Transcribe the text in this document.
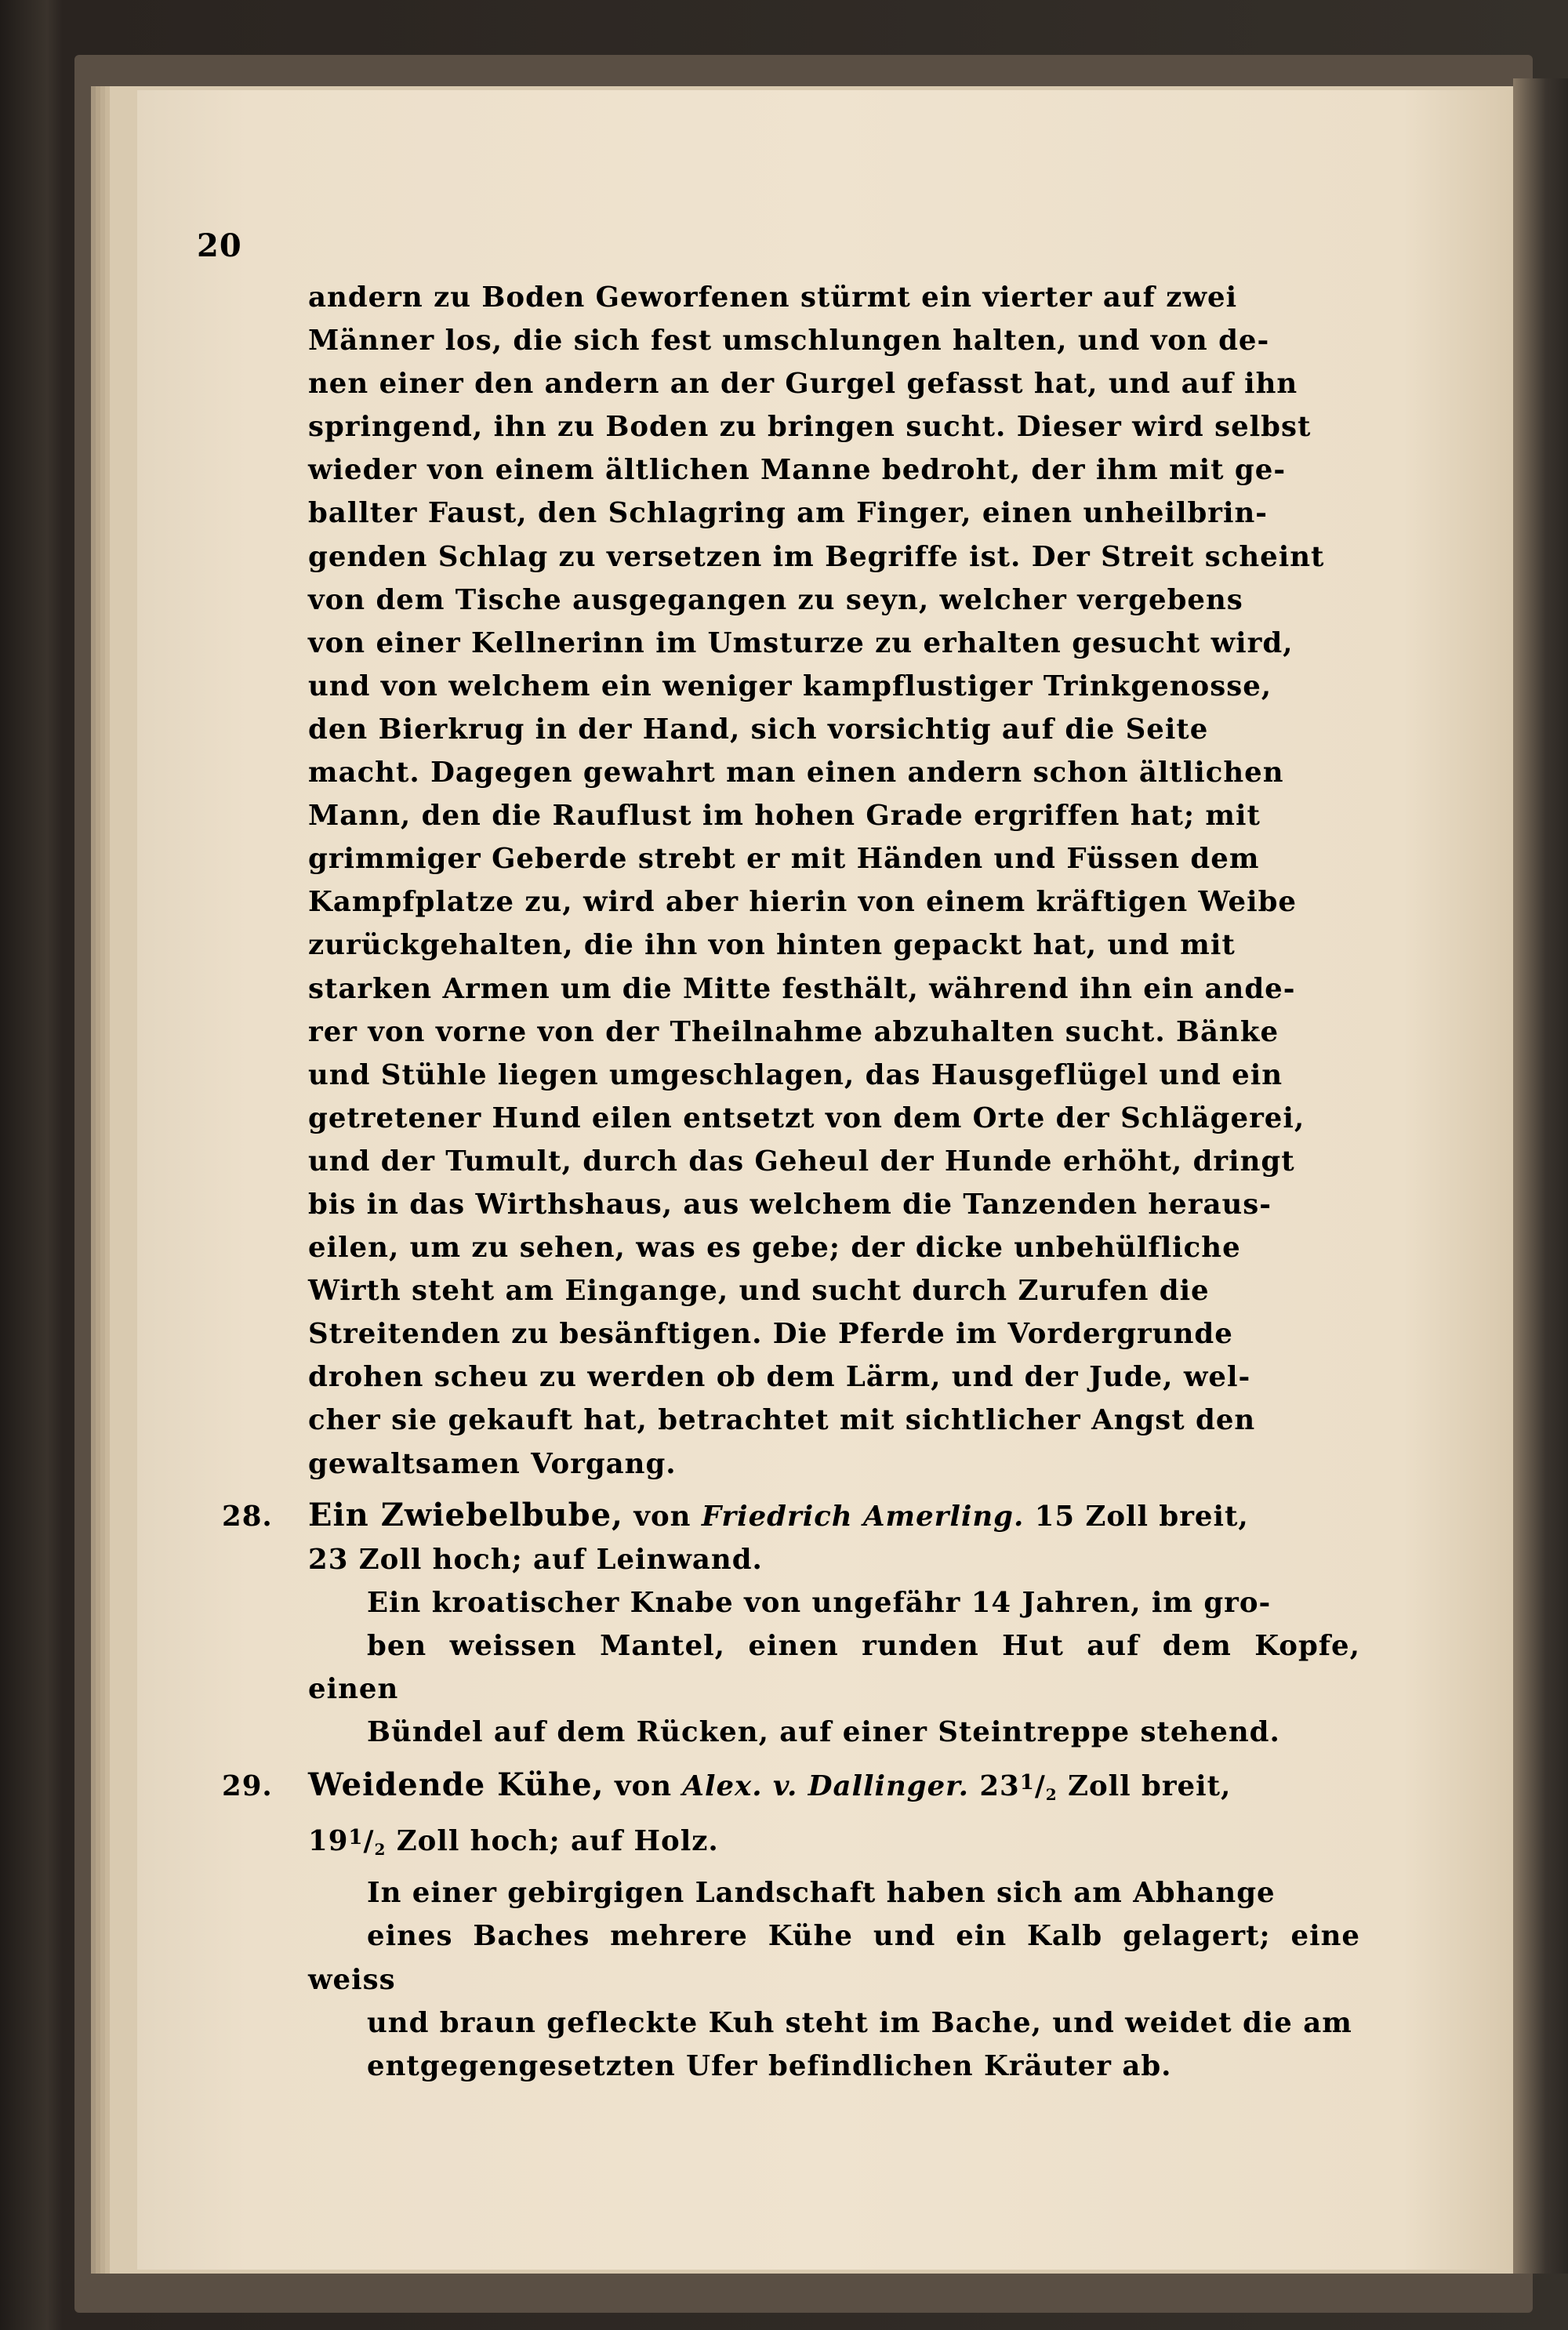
20
andern zu Boden Geworfenen stürmt ein vierter auf zwei
Männer los, die sich fest umschlungen halten, und von de-
nen einer den andern an der Gurgel gefasst hat, und auf ihn
springend, ihn zu Boden zu bringen sucht. Dieser wird selbst
wieder von einem ältlichen Manne bedroht, der ihm mit ge-
ballter Faust, den Schlagring am Finger, einen unheilbrin-
genden Schlag zu versetzen im Begriffe ist. Der Streit scheint
von dem Tische ausgegangen zu seyn, welcher vergebens
von einer Kellnerinn im Umsturze zu erhalten gesucht wird,
und von welchem ein weniger kampflustiger Trinkgenosse,
den Bierkrug in der Hand, sich vorsichtig auf die Seite
macht. Dagegen gewahrt man einen andern schon ältlichen
Mann, den die Rauflust im hohen Grade ergriffen hat; mit
grimmiger Geberde strebt er mit Händen und Füssen dem
Kampfplatze zu, wird aber hierin von einem kräftigen Weibe
zurückgehalten, die ihn von hinten gepackt hat, und mit
starken Armen um die Mitte festhält, während ihn ein ande-
rer von vorne von der Theilnahme abzuhalten sucht. Bänke
und Stühle liegen umgeschlagen, das Hausgeflügel und ein
getretener Hund eilen entsetzt von dem Orte der Schlägerei,
und der Tumult, durch das Geheul der Hunde erhöht, dringt
bis in das Wirthshaus, aus welchem die Tanzenden heraus-
eilen, um zu sehen, was es gebe; der dicke unbehülfliche
Wirth steht am Eingange, und sucht durch Zurufen die
Streitenden zu besänftigen. Die Pferde im Vordergrunde
drohen scheu zu werden ob dem Lärm, und der Jude, wel-
cher sie gekauft hat, betrachtet mit sichtlicher Angst den
gewaltsamen Vorgang.
28. Ein Zwiebelbube, von Friedrich Amerling. 15 Zoll breit,
23 Zoll hoch; auf Leinwand.
Ein kroatischer Knabe von ungefähr 14 Jahren, im gro-
ben weissen Mantel, einen runden Hut auf dem Kopfe, einen
Bündel auf dem Rücken, auf einer Steintreppe stehend.
29. Weidende Kühe, von Alex. v. Dallinger. $23^1/2$ Zoll breit,
$19^1/2$ Zoll hoch; auf Holz.
In einer gebirgigen Landschaft haben sich am Abhange
eines Baches mehrere Kühe und ein Kalb gelagert; eine weiss
und braun gefleckte Kuh steht im Bache, und weidet die am
entgegengesetzten Ufer befindlichen Kräuter ab.
